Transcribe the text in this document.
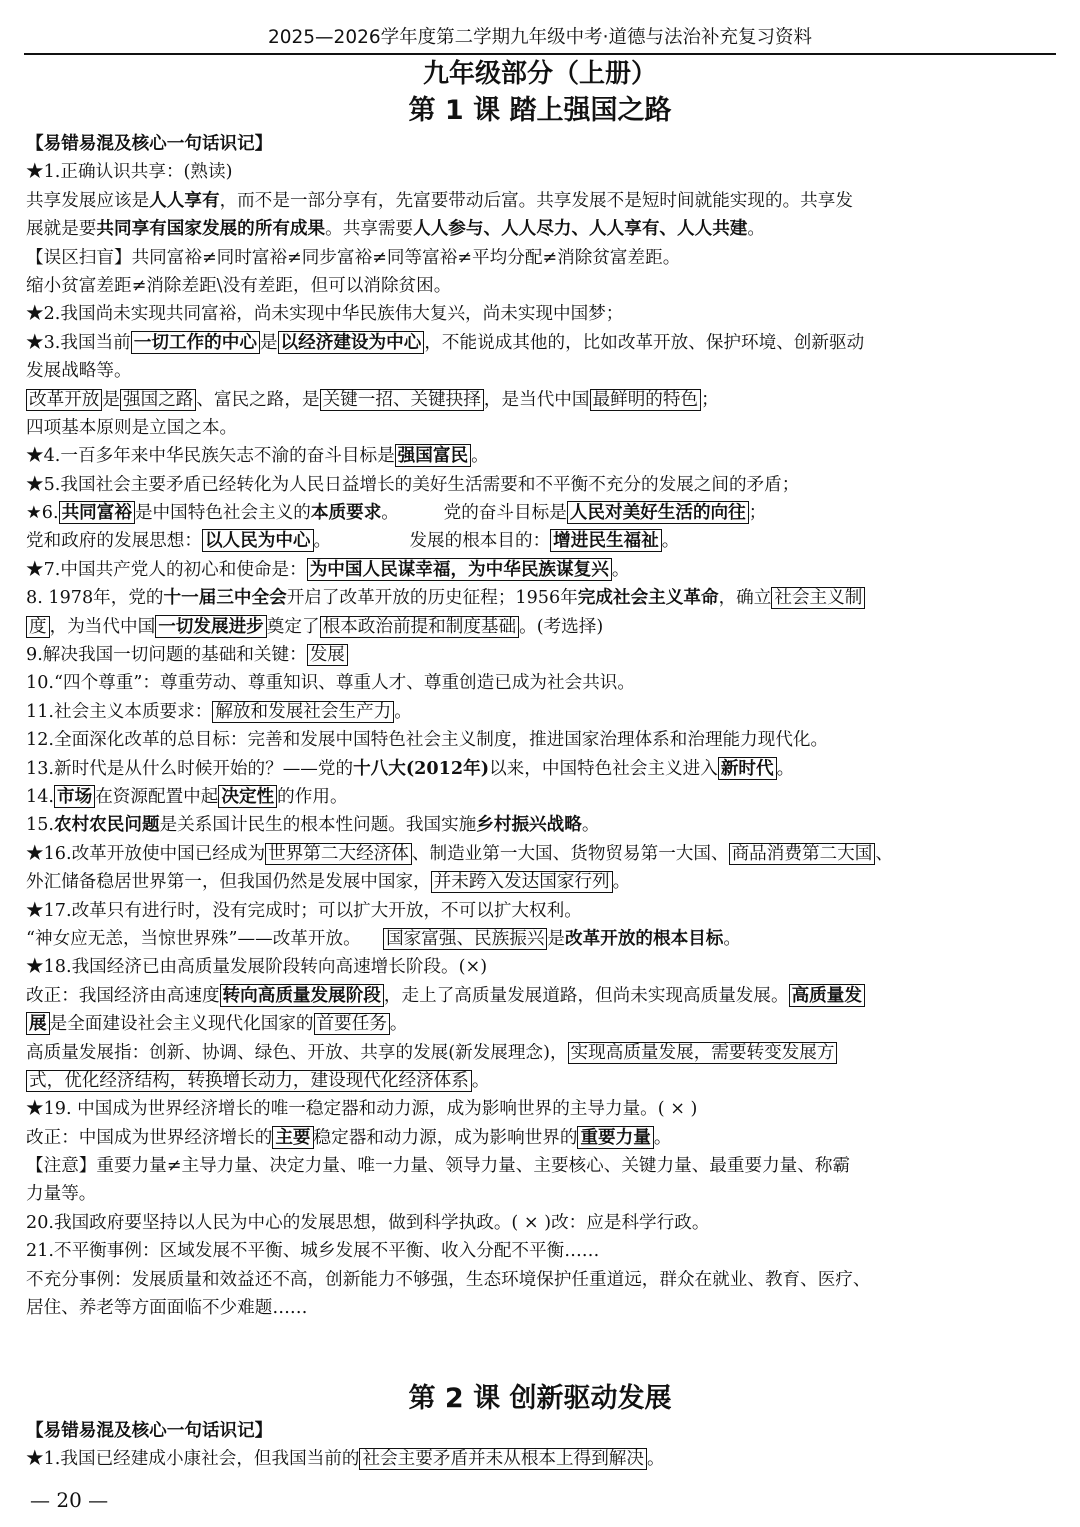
2025—2026学年度第二学期九年级中考·道德与法治补充复习资料
九年级部分（上册）
第 1 课 踏上强国之路
【易错易混及核心一句话识记】
★1.正确认识共享：(熟读)
共享发展应该是人人享有，而不是一部分享有，先富要带动后富。共享发展不是短时间就能实现的。共享发
展就是要共同享有国家发展的所有成果。共享需要人人参与、人人尽力、人人享有、人人共建。
【误区扫盲】共同富裕≠同时富裕≠同步富裕≠同等富裕≠平均分配≠消除贫富差距。
缩小贫富差距≠消除差距\没有差距，但可以消除贫困。
★2.我国尚未实现共同富裕，尚未实现中华民族伟大复兴，尚未实现中国梦；
★3.我国当前 一切工作的中心 是 以经济建设为中心 ，不能说成其他的，比如改革开放、保护环境、创新驱动
发展战略等。
改革开放 是 强国之路 、富民之路，是 关键一招、关键抉择 ，是当代中国 最鲜明的特色 ；
四项基本原则是立国之本。
★4.一百多年来中华民族矢志不渝的奋斗目标是 强国富民 。
★5.我国社会主要矛盾已经转化为人民日益增长的美好生活需要和不平衡不充分的发展之间的矛盾；
★6. 共同富裕 是中国特色社会主义的本质要求。        党的奋斗目标是 人民对美好生活的向往 ；
党和政府的发展思想： 以人民为中心 。              发展的根本目的： 增进民生福祉 。
★7.中国共产党人的初心和使命是： 为中国人民谋幸福，为中华民族谋复兴 。
8. 1978年，党的十一届三中全会开启了改革开放的历史征程；1956年完成社会主义革命，确立 社会主义制
度 ，为当代中国 一切发展进步 奠定了 根本政治前提和制度基础 。(考选择)
9.解决我国一切问题的基础和关键： 发展
10.“四个尊重”：尊重劳动、尊重知识、尊重人才、尊重创造已成为社会共识。
11.社会主义本质要求： 解放和发展社会生产力 。
12.全面深化改革的总目标：完善和发展中国特色社会主义制度，推进国家治理体系和治理能力现代化。
13.新时代是从什么时候开始的？——党的十八大(2012年)以来，中国特色社会主义进入 新时代 。
14. 市场 在资源配置中起 决定性 的作用。
15.农村农民问题是关系国计民生的根本性问题。我国实施乡村振兴战略。
★16.改革开放使中国已经成为 世界第二大经济体 、制造业第一大国、货物贸易第一大国、 商品消费第二大国 、
外汇储备稳居世界第一，但我国仍然是发展中国家， 并未跨入发达国家行列 。
★17.改革只有进行时，没有完成时；可以扩大开放，不可以扩大权利。
“神女应无恙，当惊世界殊”——改革开放。    国家富强、民族振兴 是改革开放的根本目标。
★18.我国经济已由高质量发展阶段转向高速增长阶段。(×)
改正：我国经济由高速度 转向高质量发展阶段 ，走上了高质量发展道路，但尚未实现高质量发展。 高质量发
展 是全面建设社会主义现代化国家的 首要任务 。
高质量发展指：创新、协调、绿色、开放、共享的发展(新发展理念)， 实现高质量发展，需要转变发展方
式，优化经济结构，转换增长动力，建设现代化经济体系 。
★19. 中国成为世界经济增长的唯一稳定器和动力源，成为影响世界的主导力量。( × )
改正：中国成为世界经济增长的 主要 稳定器和动力源，成为影响世界的 重要力量 。
【注意】重要力量≠主导力量、决定力量、唯一力量、领导力量、主要核心、关键力量、最重要力量、称霸
力量等。
20.我国政府要坚持以人民为中心的发展思想，做到科学执政。( × )改：应是科学行政。
21.不平衡事例：区域发展不平衡、城乡发展不平衡、收入分配不平衡……
不充分事例：发展质量和效益还不高，创新能力不够强，生态环境保护任重道远，群众在就业、教育、医疗、
居住、养老等方面面临不少难题……
第 2 课 创新驱动发展
【易错易混及核心一句话识记】
★1.我国已经建成小康社会，但我国当前的 社会主要矛盾并未从根本上得到解决 。
— 20 —
